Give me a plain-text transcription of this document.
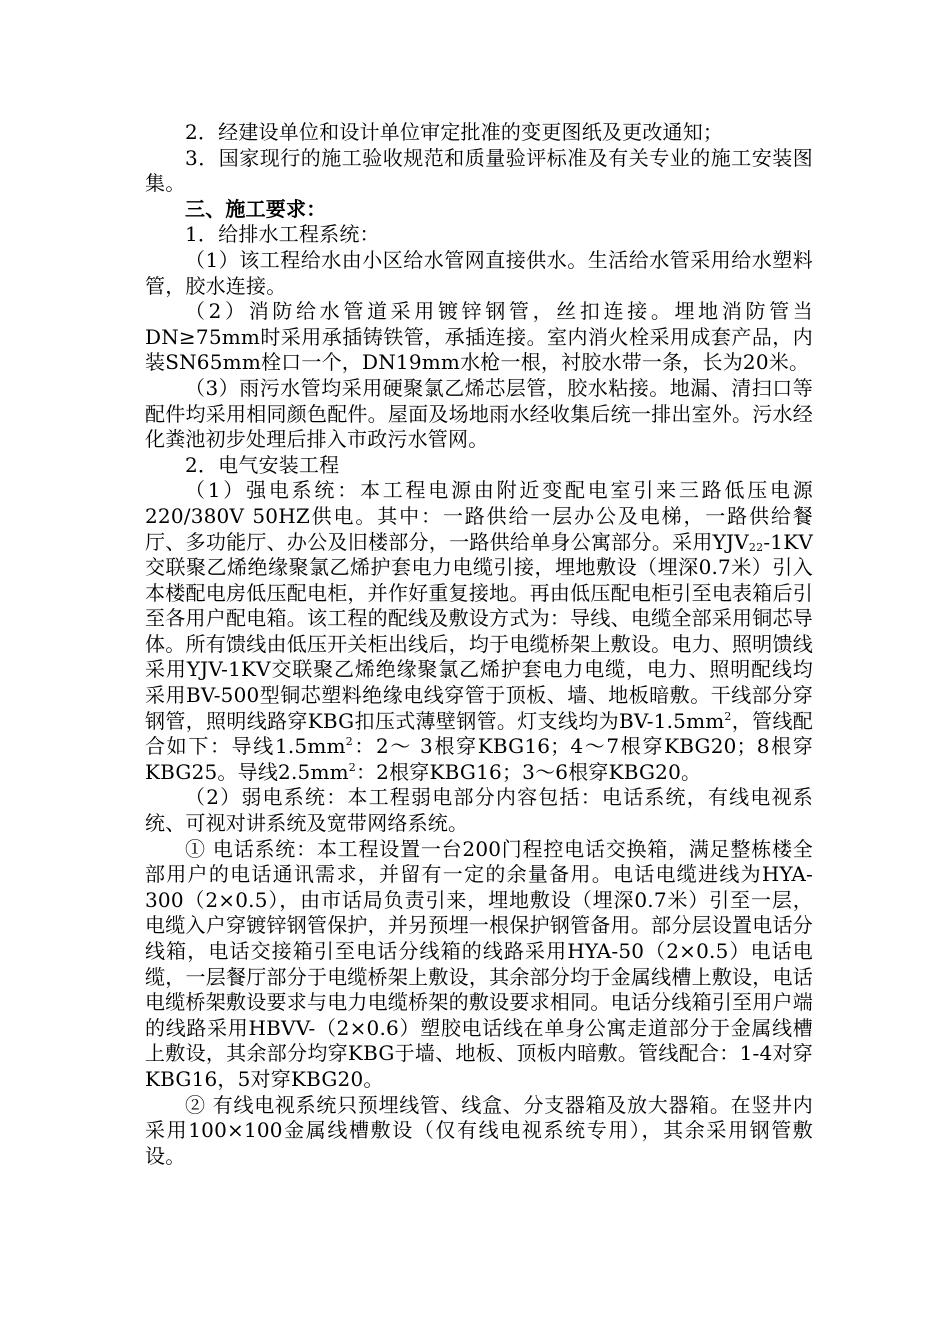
2．经建设单位和设计单位审定批准的变更图纸及更改通知；

3．国家现行的施工验收规范和质量验评标准及有关专业的施工安装图集。

三、施工要求：

1．给排水工程系统：

（1）该工程给水由小区给水管网直接供水。生活给水管采用给水塑料管，胶水连接。

（2）消防给水管道采用镀锌钢管，丝扣连接。埋地消防管当DN≥75mm时采用承插铸铁管，承插连接。室内消火栓采用成套产品，内装SN65mm栓口一个，DN19mm水枪一根，衬胶水带一条，长为20米。

（3）雨污水管均采用硬聚氯乙烯芯层管，胶水粘接。地漏、清扫口等配件均采用相同颜色配件。屋面及场地雨水经收集后统一排出室外。污水经化粪池初步处理后排入市政污水管网。

2．电气安装工程

（1）强电系统：本工程电源由附近变配电室引来三路低压电源220/380V 50HZ供电。其中：一路供给一层办公及电梯，一路供给餐厅、多功能厅、办公及旧楼部分，一路供给单身公寓部分。采用$YJV_{22}-1KV$交联聚乙烯绝缘聚氯乙烯护套电力电缆引接，埋地敷设（埋深0.7米）引入本楼配电房低压配电柜，并作好重复接地。再由低压配电柜引至电表箱后引至各用户配电箱。该工程的配线及敷设方式为：导线、电缆全部采用铜芯导体。所有馈线由低压开关柜出线后，均于电缆桥架上敷设。电力、照明馈线采用YJV-1KV交联聚乙烯绝缘聚氯乙烯护套电力电缆，电力、照明配线均采用BV-500型铜芯塑料绝缘电线穿管于顶板、墙、地板暗敷。干线部分穿钢管，照明线路穿KBG扣压式薄壁钢管。灯支线均为$BV-1.5mm^2$，管线配合如下：导线$1.5mm^2$：2～ 3根穿KBG16；4～7根穿KBG20；8根穿KBG25。导线$2.5mm^2$：2根穿KBG16；3～6根穿KBG20。

（2）弱电系统：本工程弱电部分内容包括：电话系统，有线电视系统、可视对讲系统及宽带网络系统。

① 电话系统：本工程设置一台200门程控电话交换箱，满足整栋楼全部用户的电话通讯需求，并留有一定的余量备用。电话电缆进线为HYA-300（2×0.5），由市话局负责引来，埋地敷设（埋深0.7米）引至一层，电缆入户穿镀锌钢管保护，并另预埋一根保护钢管备用。部分层设置电话分线箱，电话交接箱引至电话分线箱的线路采用HYA-50（2×0.5）电话电缆，一层餐厅部分于电缆桥架上敷设，其余部分均于金属线槽上敷设，电话电缆桥架敷设要求与电力电缆桥架的敷设要求相同。电话分线箱引至用户端的线路采用HBVV-（2×0.6）塑胶电话线在单身公寓走道部分于金属线槽上敷设，其余部分均穿KBG于墙、地板、顶板内暗敷。管线配合：1-4对穿KBG16，5对穿KBG20。

② 有线电视系统只预埋线管、线盒、分支器箱及放大器箱。在竖井内采用100×100金属线槽敷设（仅有线电视系统专用），其余采用钢管敷设。
